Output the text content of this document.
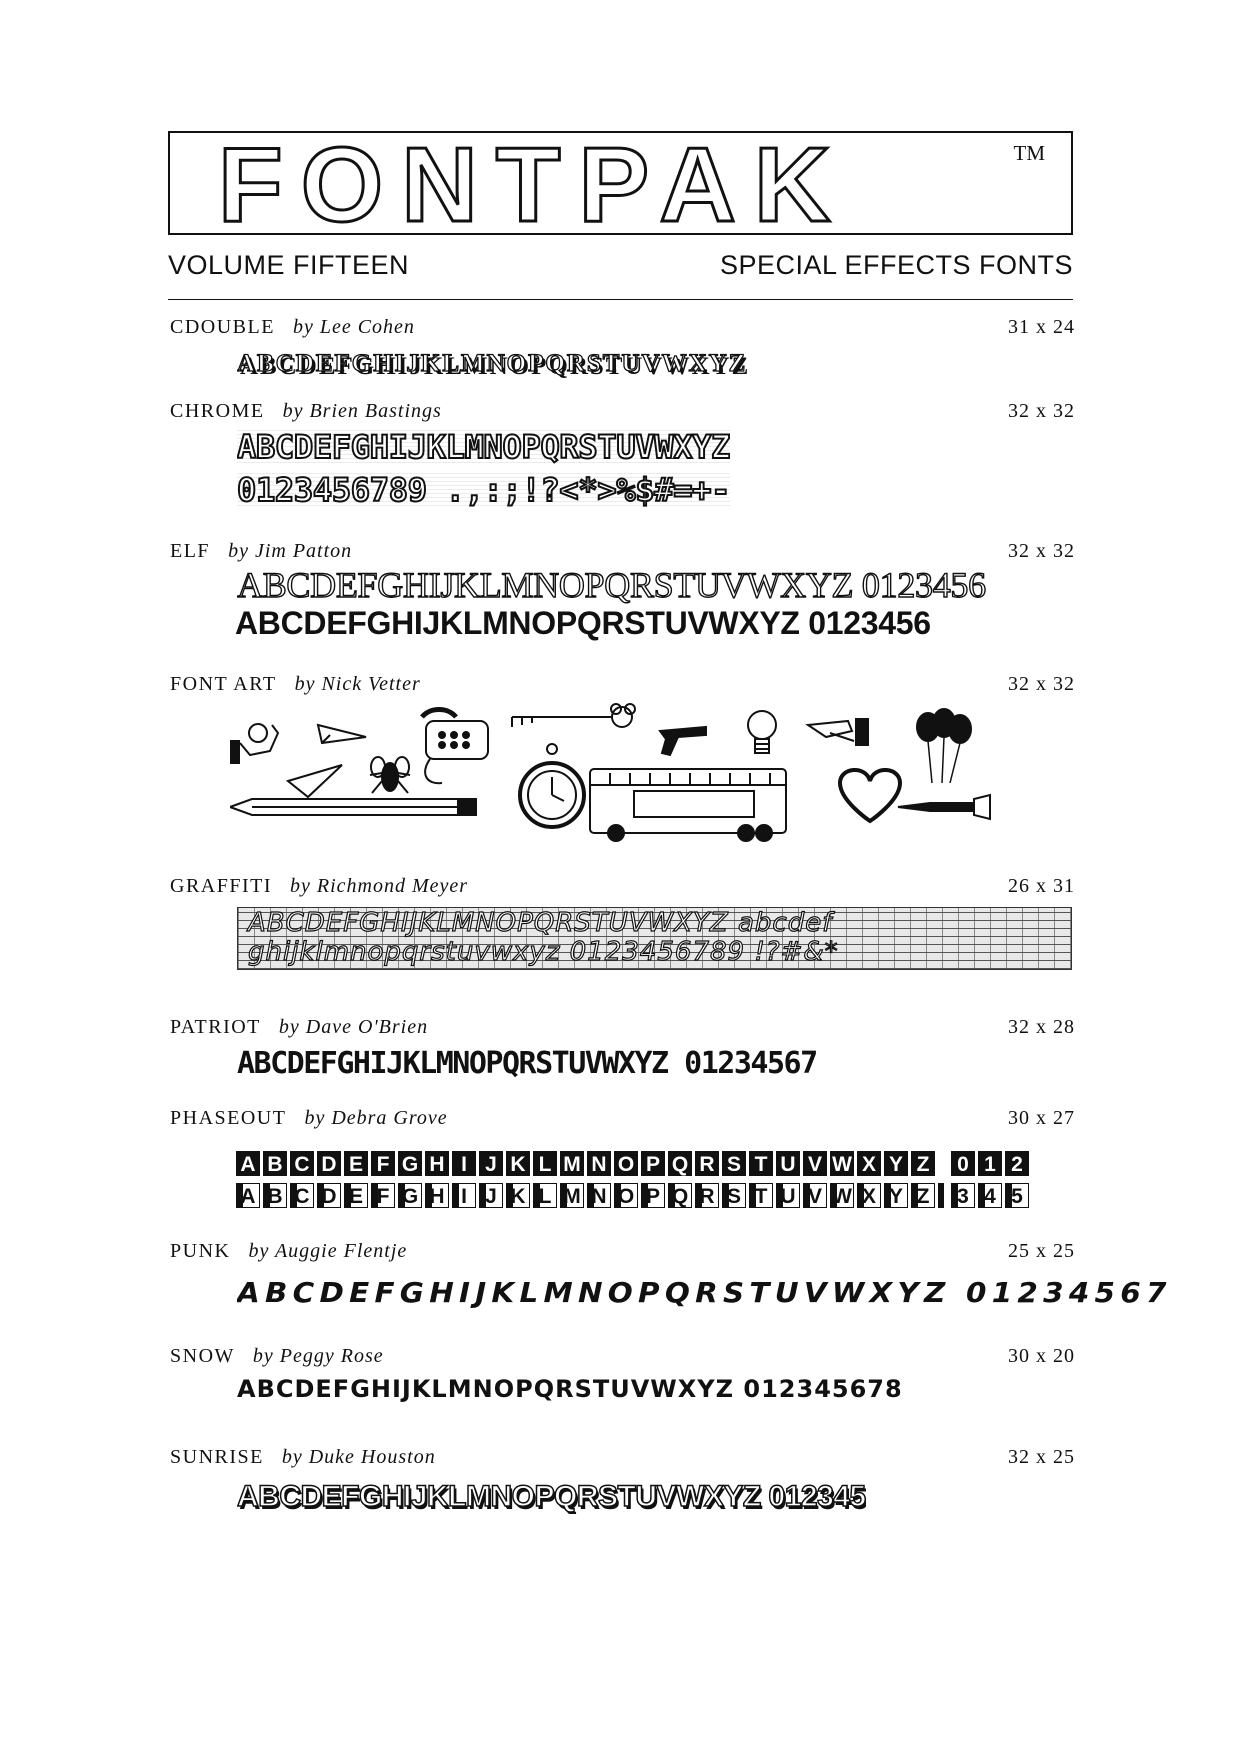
FONTPAK	TM
VOLUME FIFTEEN	SPECIAL EFFECTS FONTS
CDOUBLE by Lee Cohen	31 x 24
ABCDEFGHIJKLMNOPQRSTUVWXYZ
CHROME by Brien Bastings	32 x 32
ABCDEFGHIJKLMNOPQRSTUVWXYZ
0123456789 .,:;!?<*>%$#=+-
ELF by Jim Patton	32 x 32
ABCDEFGHIJKLMNOPQRSTUVWXYZ 0123456
ABCDEFGHIJKLMNOPQRSTUVWXYZ 0123456
FONT ART by Nick Vetter	32 x 32
GRAFFITI by Richmond Meyer	26 x 31
ABCDEFGHIJKLMNOPQRSTUVWXYZ abcdef
ghijklmnopqrstuvwxyz 0123456789 !?#&*
PATRIOT by Dave O'Brien	32 x 28
ABCDEFGHIJKLMNOPQRSTUVWXYZ 01234567
PHASEOUT by Debra Grove	30 x 27
A B C D E F G H I J K L M N O P Q R S T U V W X Y Z 0 1 2
A B C D E F G H I J K L M N O P Q R S T U V W X Y Z 3 4 5
PUNK by Auggie Flentje	25 x 25
ABCDEFGHIJKLMNOPQRSTUVWXYZ 01234567
SNOW by Peggy Rose	30 x 20
ABCDEFGHIJKLMNOPQRSTUVWXYZ 012345678
SUNRISE by Duke Houston	32 x 25
ABCDEFGHIJKLMNOPQRSTUVWXYZ 012345
